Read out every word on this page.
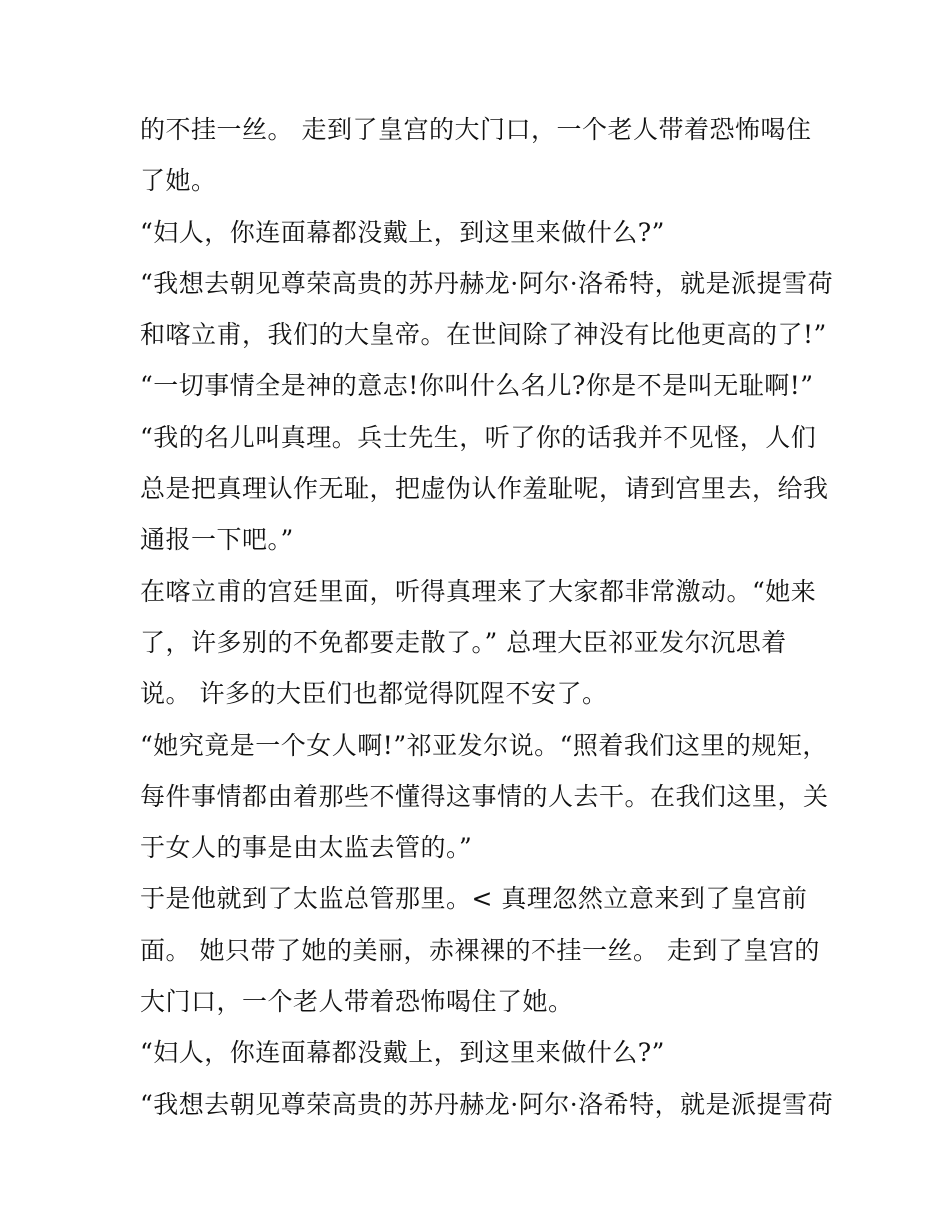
的不挂一丝。 走到了皇宫的大门口，一个老人带着恐怖喝住
了她。
“妇人，你连面幕都没戴上，到这里来做什么?”
“我想去朝见尊荣高贵的苏丹赫龙·阿尔·洛希特，就是派提雪荷
和喀立甫，我们的大皇帝。在世间除了神没有比他更高的了!”
“一切事情全是神的意志!你叫什么名儿?你是不是叫无耻啊!”
“我的名儿叫真理。兵士先生，听了你的话我并不见怪，人们
总是把真理认作无耻，把虚伪认作羞耻呢，请到宫里去，给我
通报一下吧。”
在喀立甫的宫廷里面，听得真理来了大家都非常激动。“她来
了，许多别的不免都要走散了。” 总理大臣祁亚发尔沉思着
说。 许多的大臣们也都觉得阢陧不安了。
“她究竟是一个女人啊!”祁亚发尔说。“照着我们这里的规矩，
每件事情都由着那些不懂得这事情的人去干。在我们这里，关
于女人的事是由太监去管的。”
于是他就到了太监总管那里。< 真理忽然立意来到了皇宫前
面。 她只带了她的美丽，赤裸裸的不挂一丝。 走到了皇宫的
大门口，一个老人带着恐怖喝住了她。
“妇人，你连面幕都没戴上，到这里来做什么?”
“我想去朝见尊荣高贵的苏丹赫龙·阿尔·洛希特，就是派提雪荷
